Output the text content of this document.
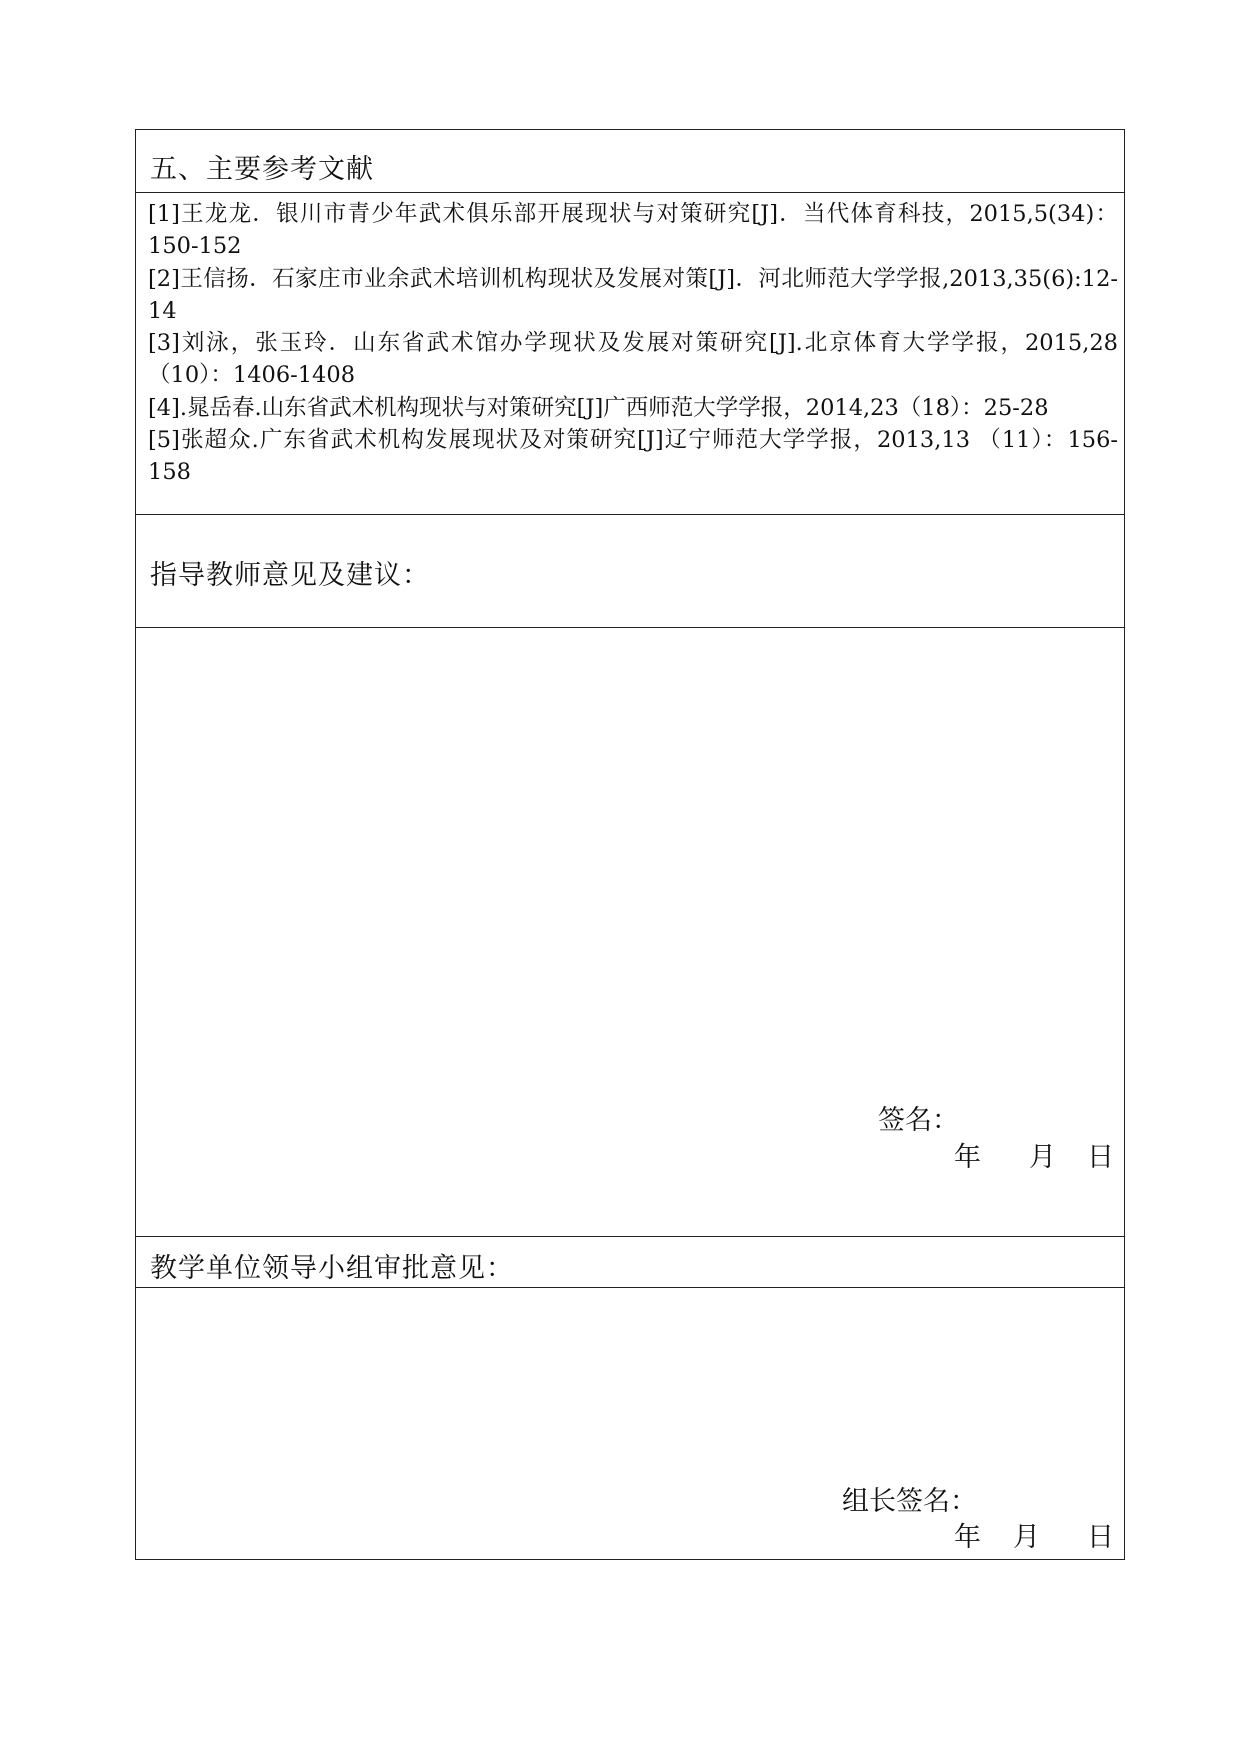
五、主要参考文献

[1]王龙龙．银川市青少年武术俱乐部开展现状与对策研究[J]．当代体育科技，2015,5(34)：150-152

[2]王信扬．石家庄市业余武术培训机构现状及发展对策[J]．河北师范大学学报,2013,35(6):12-14

[3]刘泳，张玉玲．山东省武术馆办学现状及发展对策研究[J].北京体育大学学报，2015,28（10）：1406-1408

[4].晁岳春.山东省武术机构现状与对策研究[J]广西师范大学学报，2014,23（18）：25-28

[5]张超众.广东省武术机构发展现状及对策研究[J]辽宁师范大学学报，2013,13 （11）：156-158

指导教师意见及建议：
签名：
年 月 日
教学单位领导小组审批意见：
组长签名：
年 月 日
